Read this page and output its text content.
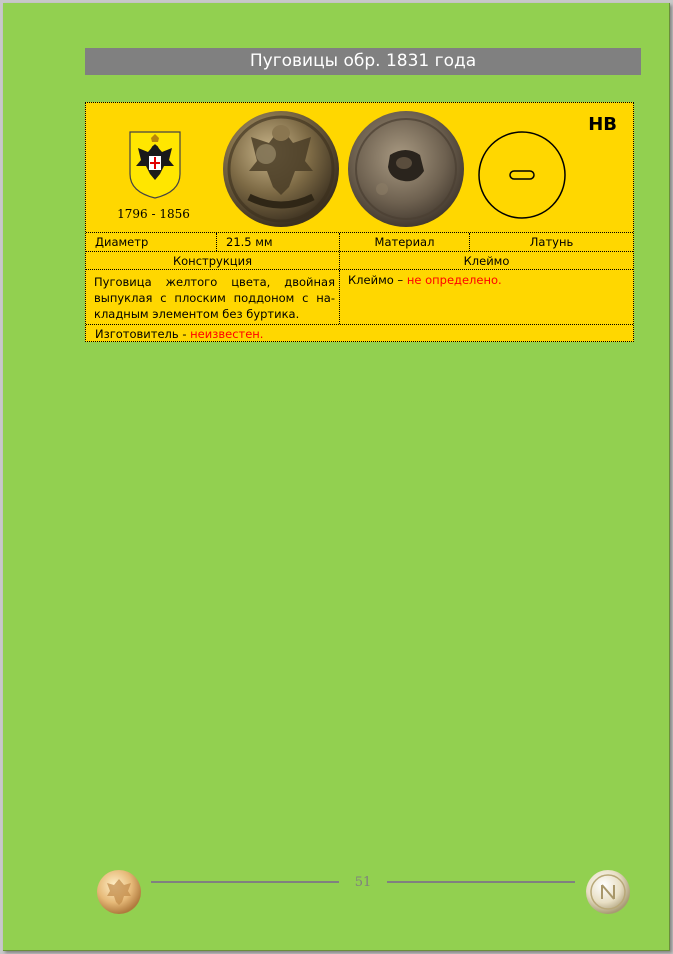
Пуговицы обр. 1831 года
1796 - 1856
НВ
Диаметр	21.5 мм	Материал	Латунь
Конструкция	Клеймо
Пуговица желтого цвета, двойная выпуклая с плоским поддоном с на-кладным элементом без буртика.
Клеймо – не определено.
Изготовитель - неизвестен.
51
